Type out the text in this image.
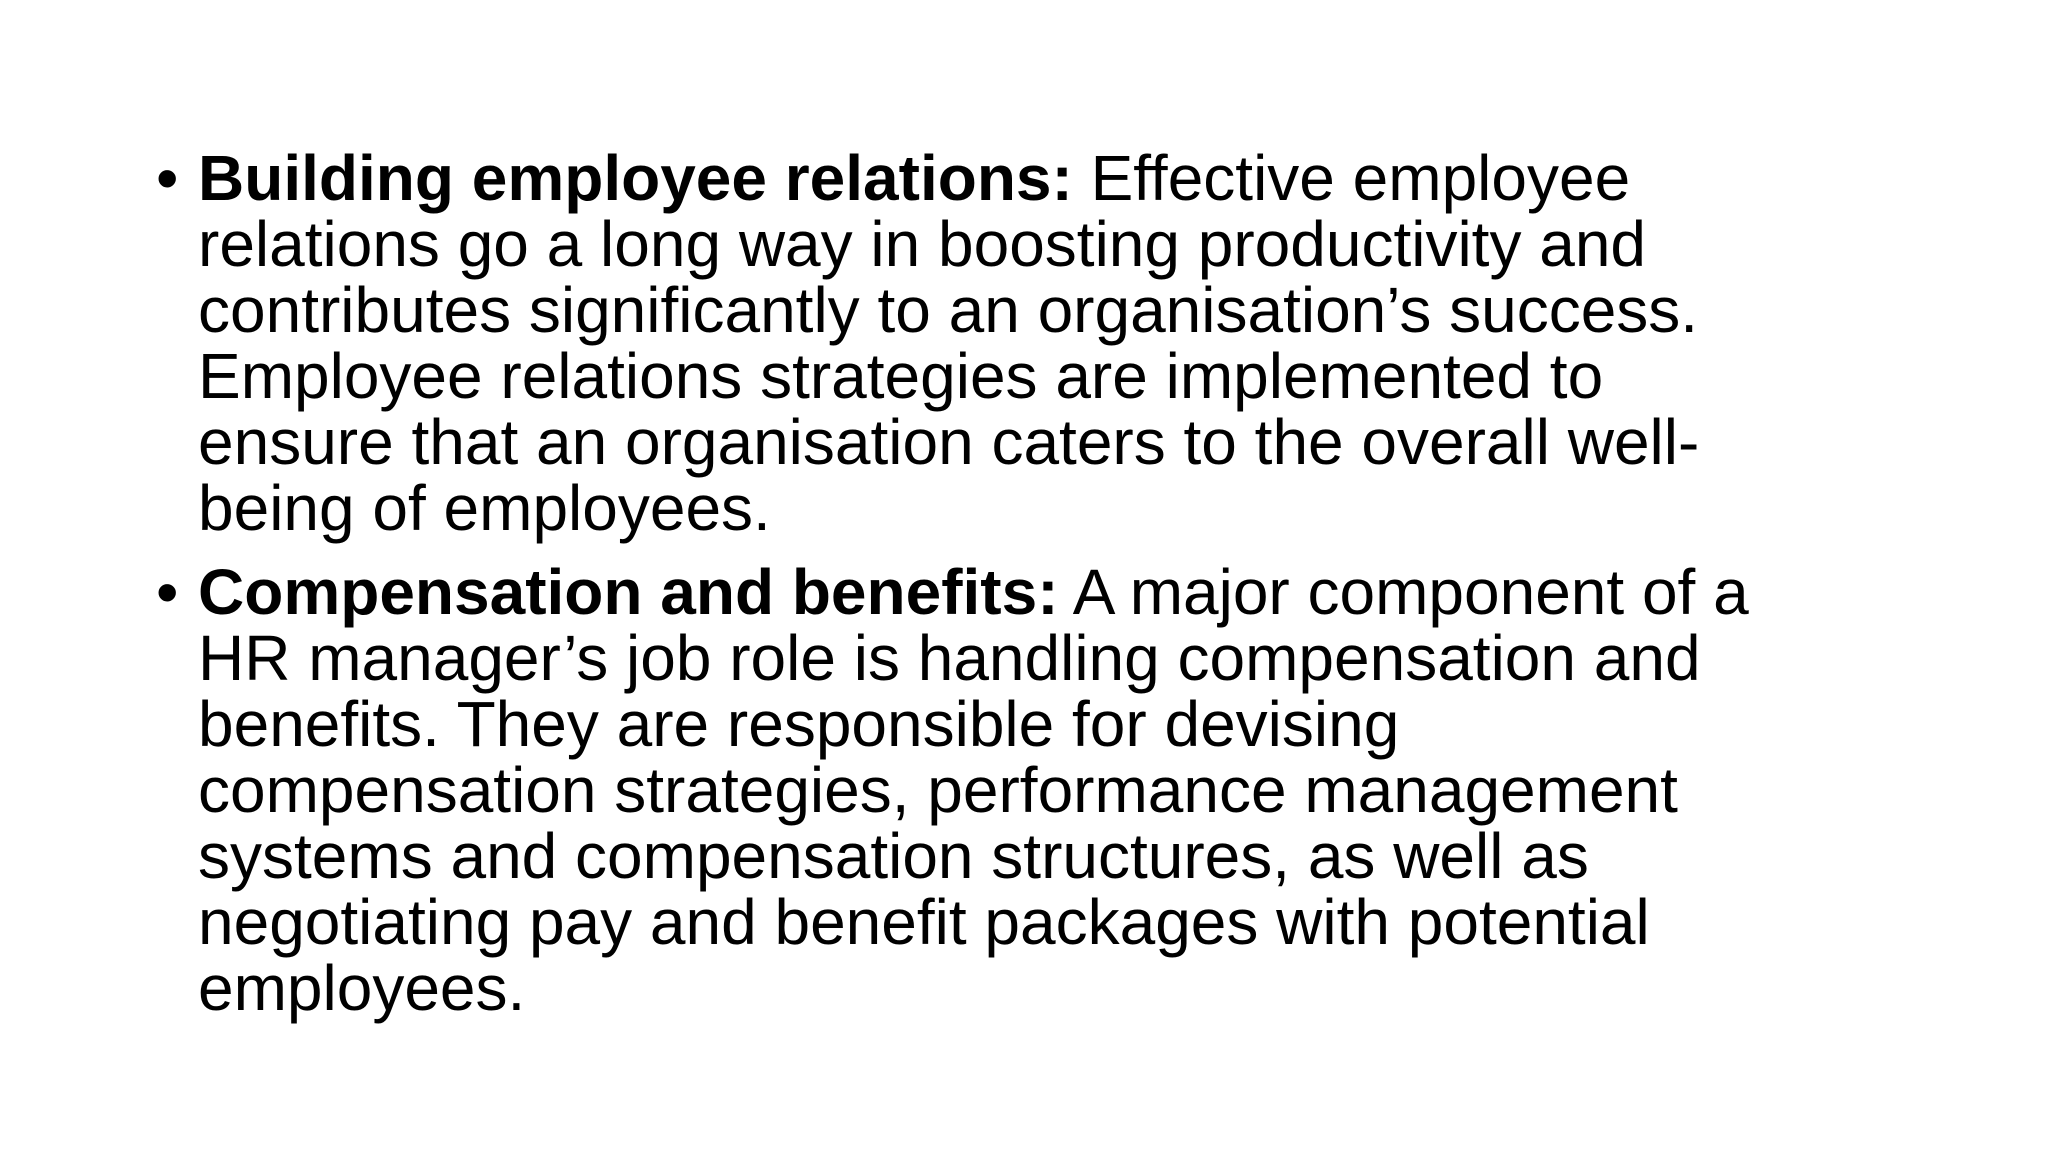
• Building employee relations: Effective employee
relations go a long way in boosting productivity and
contributes significantly to an organisation’s success.
Employee relations strategies are implemented to
ensure that an organisation caters to the overall well-
being of employees.
• Compensation and benefits: A major component of a
HR manager’s job role is handling compensation and
benefits. They are responsible for devising
compensation strategies, performance management
systems and compensation structures, as well as
negotiating pay and benefit packages with potential
employees.
